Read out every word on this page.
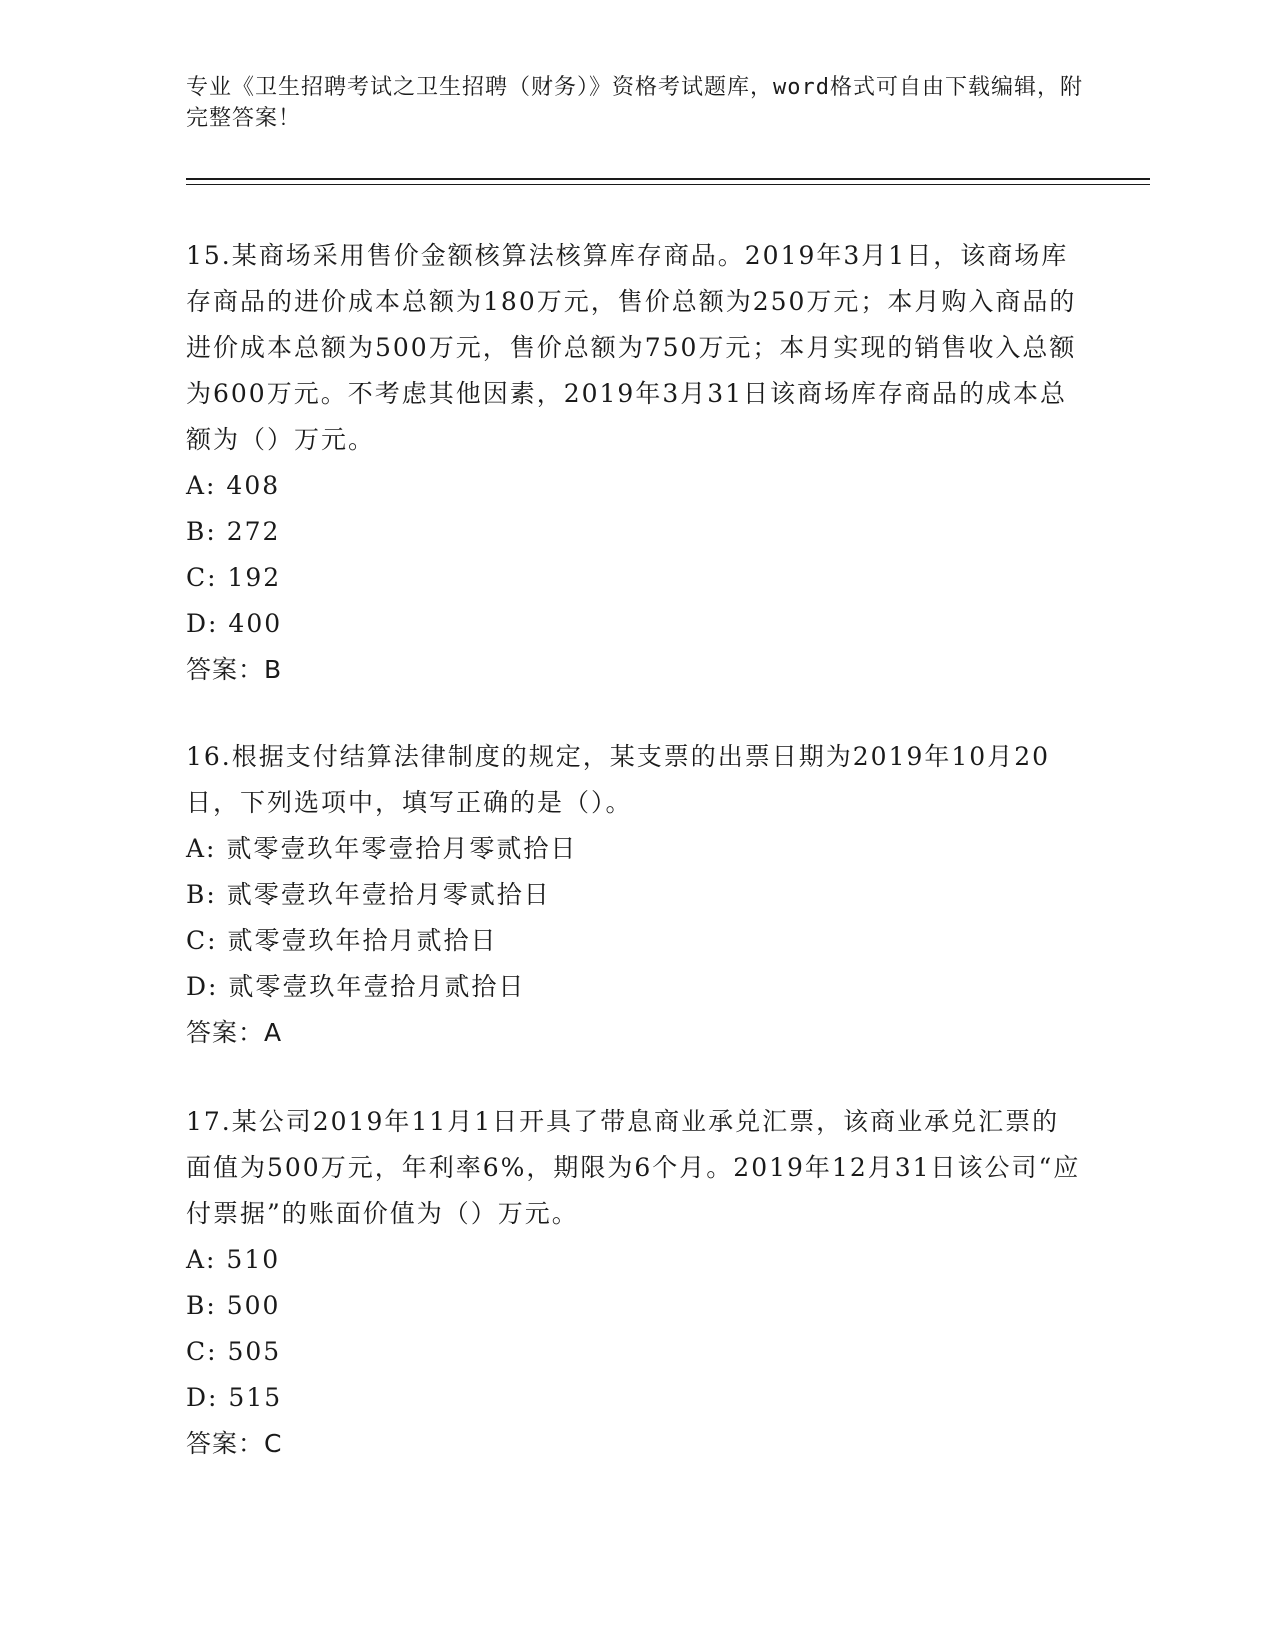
专业《卫生招聘考试之卫生招聘（财务）》资格考试题库，word格式可自由下载编辑，附完整答案！
15.某商场采用售价金额核算法核算库存商品。2019年3月1日，该商场库存商品的进价成本总额为180万元，售价总额为250万元；本月购入商品的进价成本总额为500万元，售价总额为750万元；本月实现的销售收入总额为600万元。不考虑其他因素，2019年3月31日该商场库存商品的成本总额为（）万元。
A: 408
B: 272
C: 192
D: 400
答案：B
16.根据支付结算法律制度的规定，某支票的出票日期为2019年10月20日，下列选项中，填写正确的是（）。
A: 贰零壹玖年零壹拾月零贰拾日
B: 贰零壹玖年壹拾月零贰拾日
C: 贰零壹玖年拾月贰拾日
D: 贰零壹玖年壹拾月贰拾日
答案：A
17.某公司2019年11月1日开具了带息商业承兑汇票，该商业承兑汇票的面值为500万元，年利率6%，期限为6个月。2019年12月31日该公司“应付票据”的账面价值为（）万元。
A: 510
B: 500
C: 505
D: 515
答案：C
